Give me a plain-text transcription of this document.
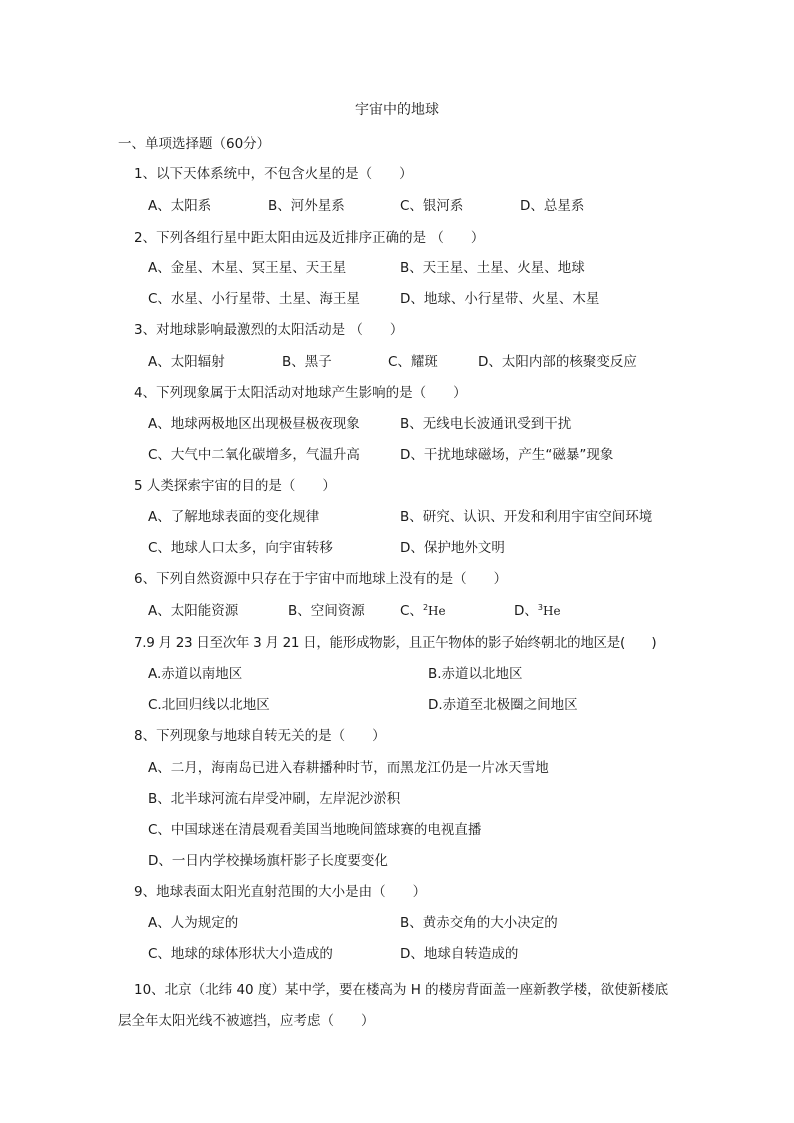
宇宙中的地球
一、单项选择题（60分）
1、以下天体系统中，不包含火星的是（　　）
A、太阳系	B、河外星系	C、银河系	D、总星系
2、下列各组行星中距太阳由远及近排序正确的是 （　　）
A、金星、木星、冥王星、天王星	B、天王星、土星、火星、地球
C、水星、小行星带、土星、海王星	D、地球、小行星带、火星、木星
3、对地球影响最激烈的太阳活动是 （　　）
A、太阳辐射	B、黑子	C、耀斑	D、太阳内部的核聚变反应
4、下列现象属于太阳活动对地球产生影响的是（　　）
A、地球两极地区出现极昼极夜现象	B、无线电长波通讯受到干扰
C、大气中二氧化碳增多，气温升高	D、干扰地球磁场，产生“磁暴”现象
5 人类探索宇宙的目的是（　　）
A、了解地球表面的变化规律	B、研究、认识、开发和利用宇宙空间环境
C、地球人口太多，向宇宙转移	D、保护地外文明
6、下列自然资源中只存在于宇宙中而地球上没有的是（　　）
A、太阳能资源	B、空间资源	C、$^2$He	D、$^3$He
7.9 月 23 日至次年 3 月 21 日，能形成物影，且正午物体的影子始终朝北的地区是(　　)
A.赤道以南地区	B.赤道以北地区
C.北回归线以北地区	D.赤道至北极圈之间地区
8、下列现象与地球自转无关的是（　　）
A、二月，海南岛已进入春耕播种时节，而黑龙江仍是一片冰天雪地
B、北半球河流右岸受冲刷，左岸泥沙淤积
C、中国球迷在清晨观看美国当地晚间篮球赛的电视直播
D、一日内学校操场旗杆影子长度要变化
9、地球表面太阳光直射范围的大小是由（　　）
A、人为规定的	B、黄赤交角的大小决定的
C、地球的球体形状大小造成的	D、地球自转造成的
10、北京（北纬 40 度）某中学，要在楼高为 H 的楼房背面盖一座新教学楼，欲使新楼底层全年太阳光线不被遮挡，应考虑（　　）
